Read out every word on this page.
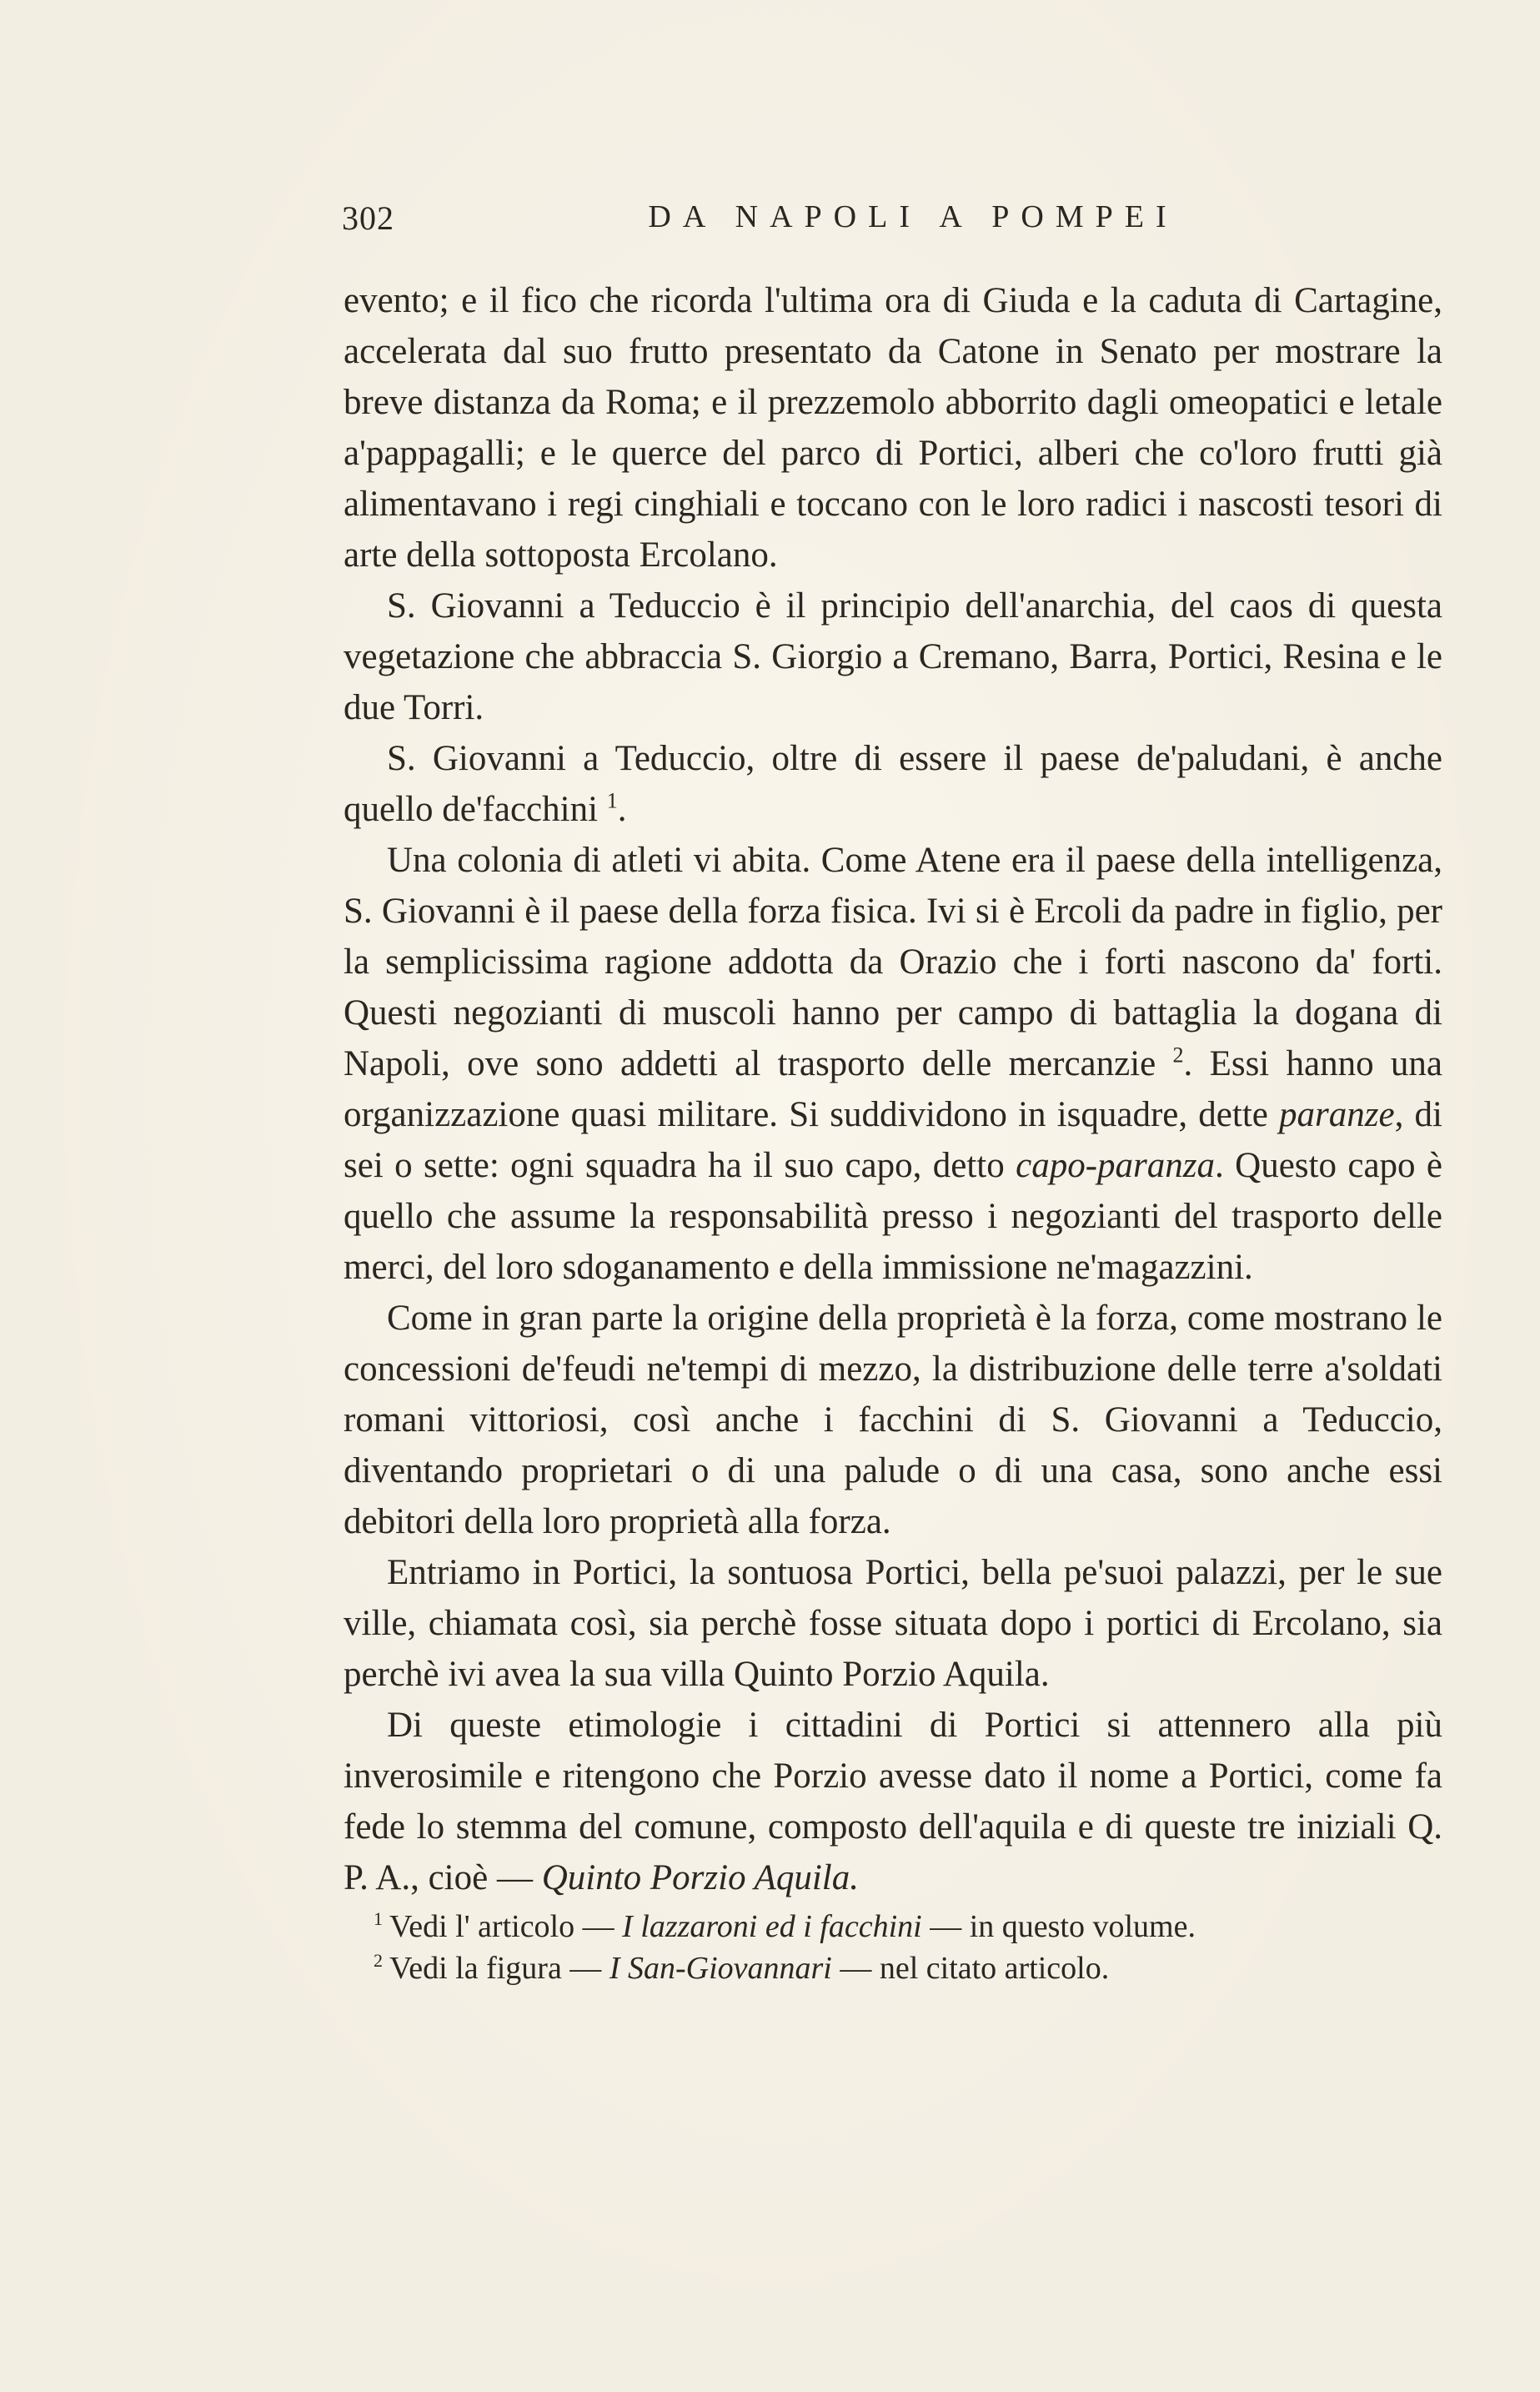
302	DA NAPOLI A POMPEI

evento; e il fico che ricorda l'ultima ora di Giuda e la caduta di Cartagine, accelerata dal suo frutto presentato da Catone in Senato per mostrare la breve distanza da Roma; e il prezzemolo abborrito dagli omeopatici e letale a'pappagalli; e le querce del parco di Portici, alberi che co'loro frutti già alimentavano i regi cinghiali e toccano con le loro radici i nascosti tesori di arte della sottoposta Ercolano.

S. Giovanni a Teduccio è il principio dell'anarchia, del caos di questa vegetazione che abbraccia S. Giorgio a Cremano, Barra, Portici, Resina e le due Torri.

S. Giovanni a Teduccio, oltre di essere il paese de'paludani, è anche quello de'facchini $^1$.

Una colonia di atleti vi abita. Come Atene era il paese della intelligenza, S. Giovanni è il paese della forza fisica. Ivi si è Ercoli da padre in figlio, per la semplicissima ragione addotta da Orazio che i forti nascono da' forti. Questi negozianti di muscoli hanno per campo di battaglia la dogana di Napoli, ove sono addetti al trasporto delle mercanzie $^2$. Essi hanno una organizzazione quasi militare. Si suddividono in isquadre, dette paranze, di sei o sette: ogni squadra ha il suo capo, detto capo-paranza. Questo capo è quello che assume la responsabilità presso i negozianti del trasporto delle merci, del loro sdoganamento e della immissione ne'magazzini.

Come in gran parte la origine della proprietà è la forza, come mostrano le concessioni de'feudi ne'tempi di mezzo, la distribuzione delle terre a'soldati romani vittoriosi, così anche i facchini di S. Giovanni a Teduccio, diventando proprietari o di una palude o di una casa, sono anche essi debitori della loro proprietà alla forza.

Entriamo in Portici, la sontuosa Portici, bella pe'suoi palazzi, per le sue ville, chiamata così, sia perchè fosse situata dopo i portici di Ercolano, sia perchè ivi avea la sua villa Quinto Porzio Aquila.

Di queste etimologie i cittadini di Portici si attennero alla più inverosimile e ritengono che Porzio avesse dato il nome a Portici, come fa fede lo stemma del comune, composto dell'aquila e di queste tre iniziali Q. P. A., cioè — Quinto Porzio Aquila.

$^1$ Vedi l' articolo — I lazzaroni ed i facchini — in questo volume.

$^2$ Vedi la figura — I San-Giovannari — nel citato articolo.
